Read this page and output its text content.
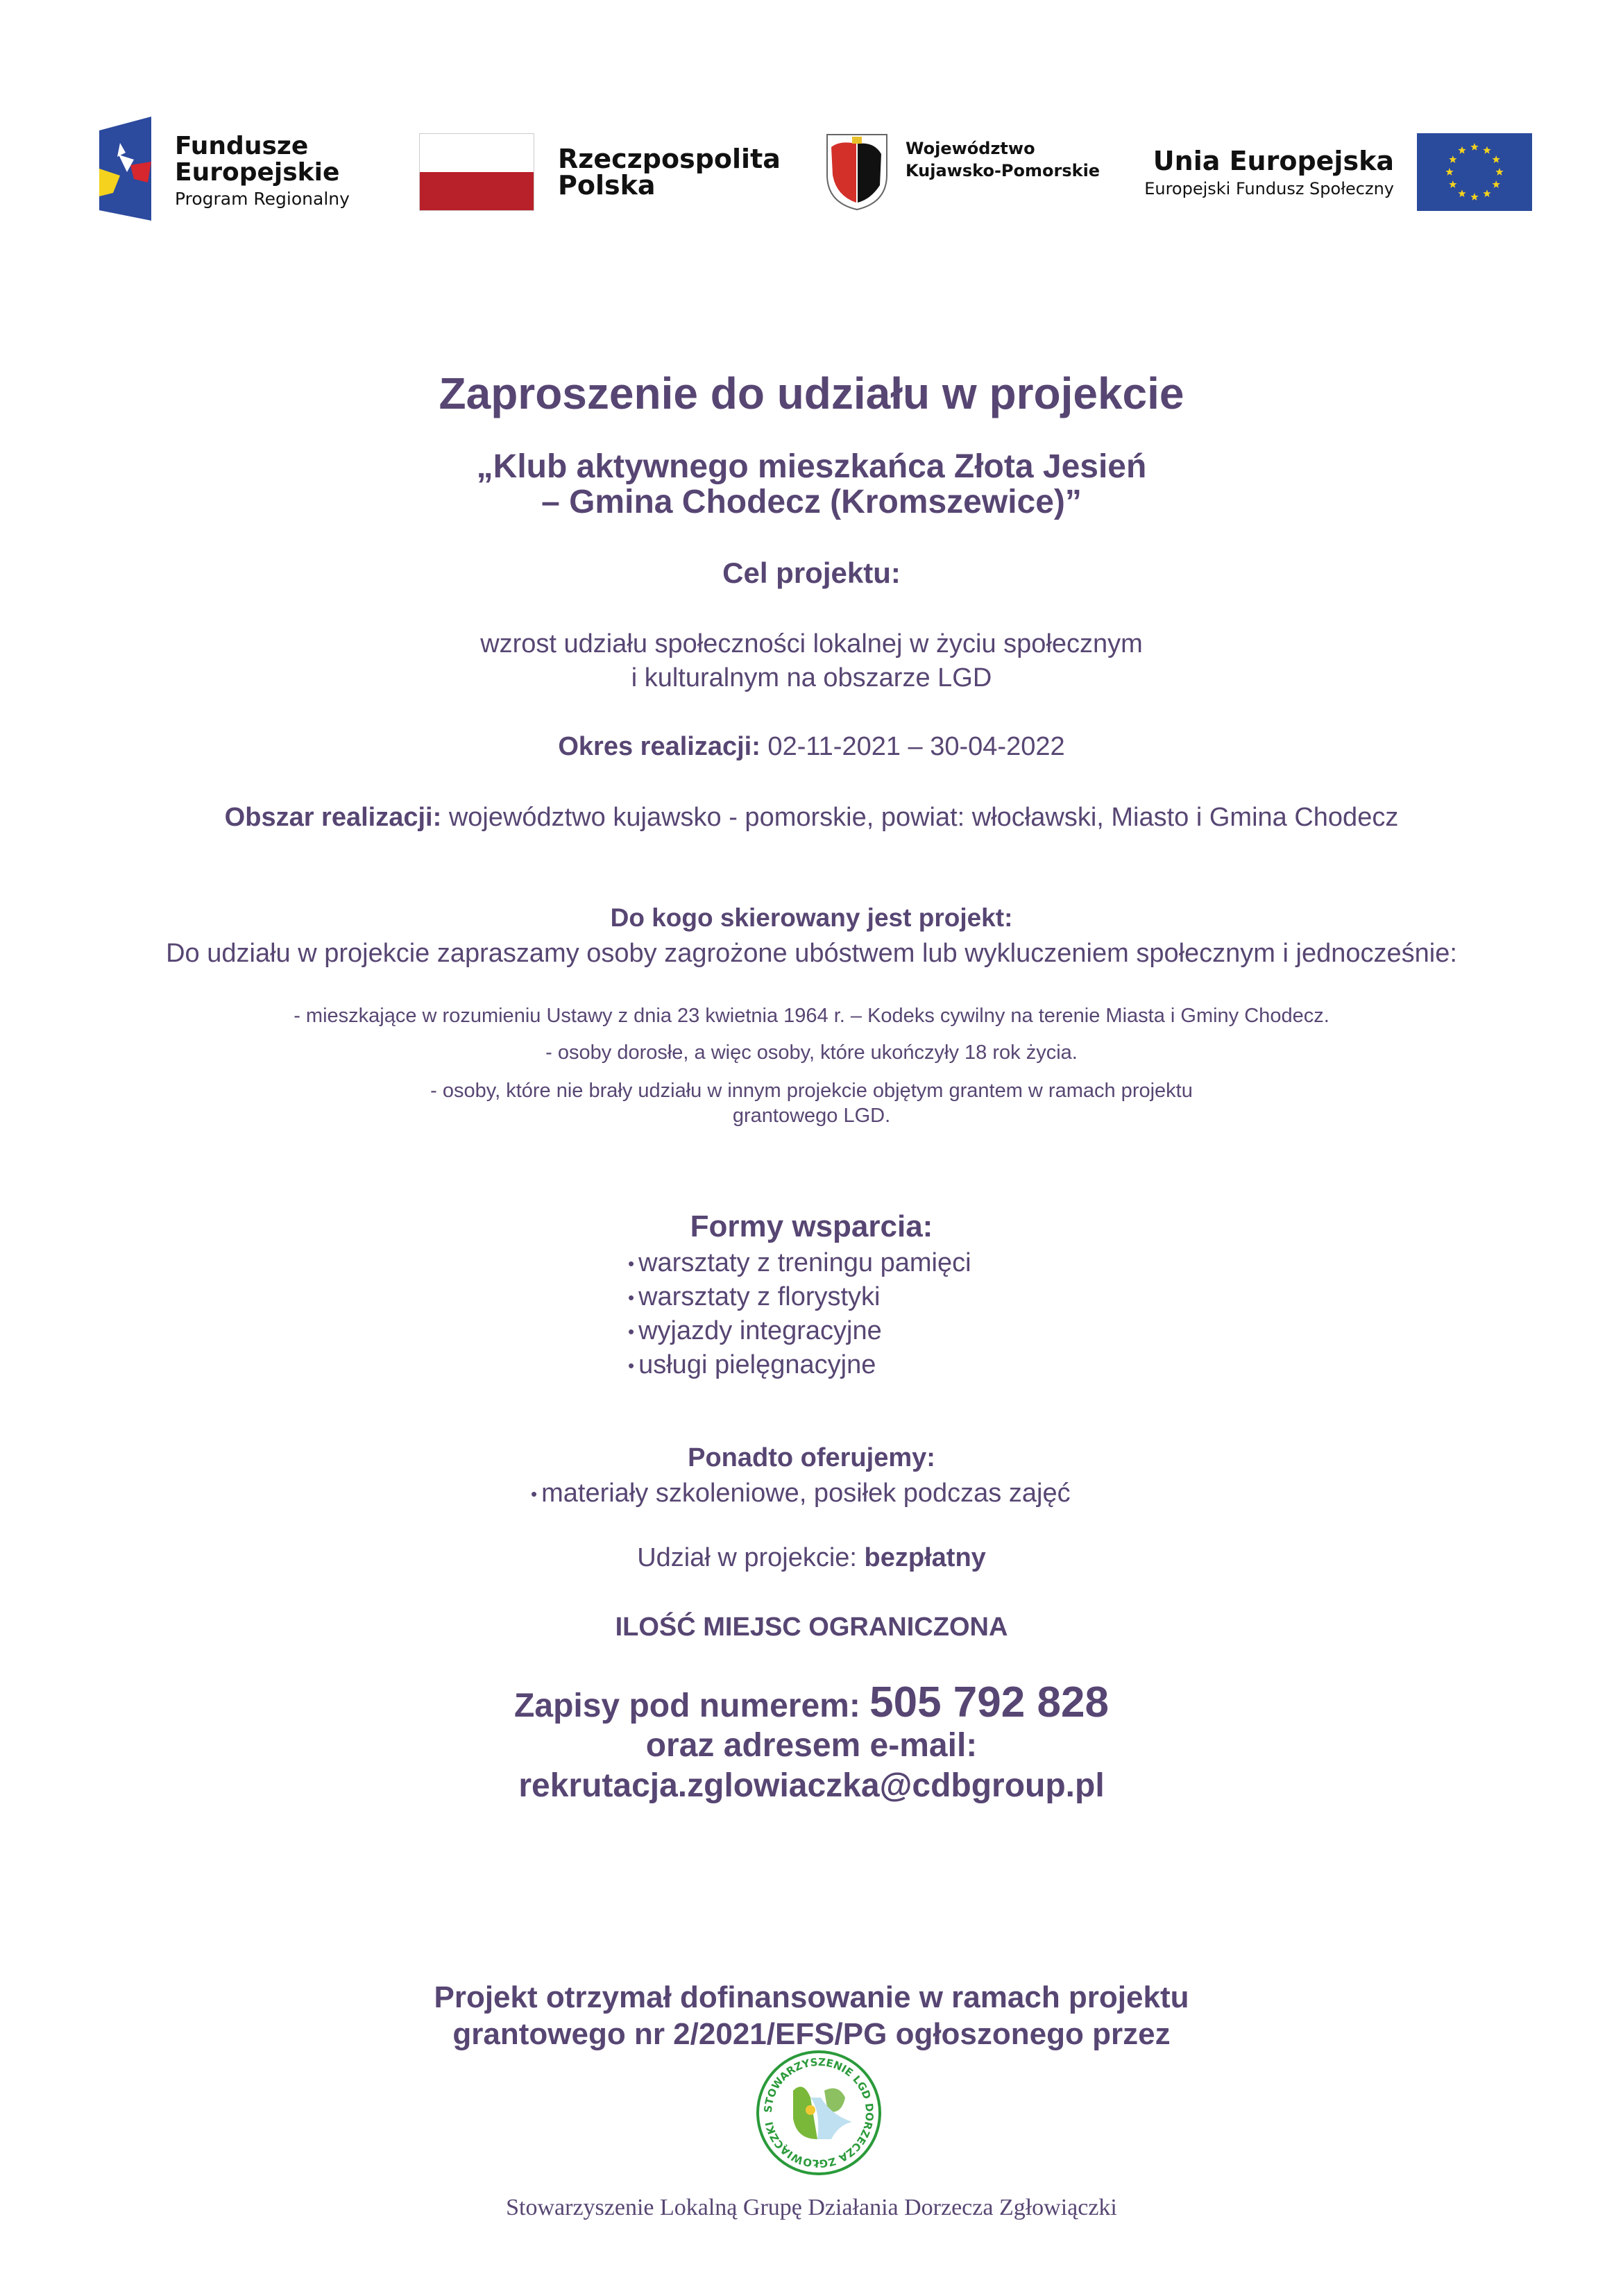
Fundusze
Europejskie
Program Regionalny
Rzeczpospolita
Polska
Województwo
Kujawsko-Pomorskie Unia Europejska
Europejski Fundusz Społeczny
Zaproszenie do udziału w projekcie
„Klub aktywnego mieszkańca Złota Jesień
– Gmina Chodecz (Kromszewice)”
Cel projektu:
wzrost udziału społeczności lokalnej w życiu społecznym
i kulturalnym na obszarze LGD
Okres realizacji: 02-11-2021 – 30-04-2022
Obszar realizacji: województwo kujawsko - pomorskie, powiat: włocławski, Miasto i Gmina Chodecz
Do kogo skierowany jest projekt:
Do udziału w projekcie zapraszamy osoby zagrożone ubóstwem lub wykluczeniem społecznym i jednocześnie:
- mieszkające w rozumieniu Ustawy z dnia 23 kwietnia 1964 r. – Kodeks cywilny na terenie Miasta i Gminy Chodecz.
- osoby dorosłe, a więc osoby, które ukończyły 18 rok życia.
- osoby, które nie brały udziału w innym projekcie objętym grantem w ramach projektu
grantowego LGD.
Formy wsparcia:
• warsztaty z treningu pamięci
• warsztaty z florystyki
• wyjazdy integracyjne
• usługi pielęgnacyjne
Ponadto oferujemy:
• materiały szkoleniowe, posiłek podczas zajęć
Udział w projekcie: bezpłatny
ILOŚĆ MIEJSC OGRANICZONA
Zapisy pod numerem: 505 792 828
oraz adresem e-mail:
rekrutacja.zglowiaczka@cdbgroup.pl
Projekt otrzymał dofinansowanie w ramach projektu
grantowego nr 2/2021/EFS/PG ogłoszonego przez
STOWARZYSZENIE LGD DORZECZA ZGŁOWIĄCZKI
Stowarzyszenie Lokalną Grupę Działania Dorzecza Zgłowiączki
